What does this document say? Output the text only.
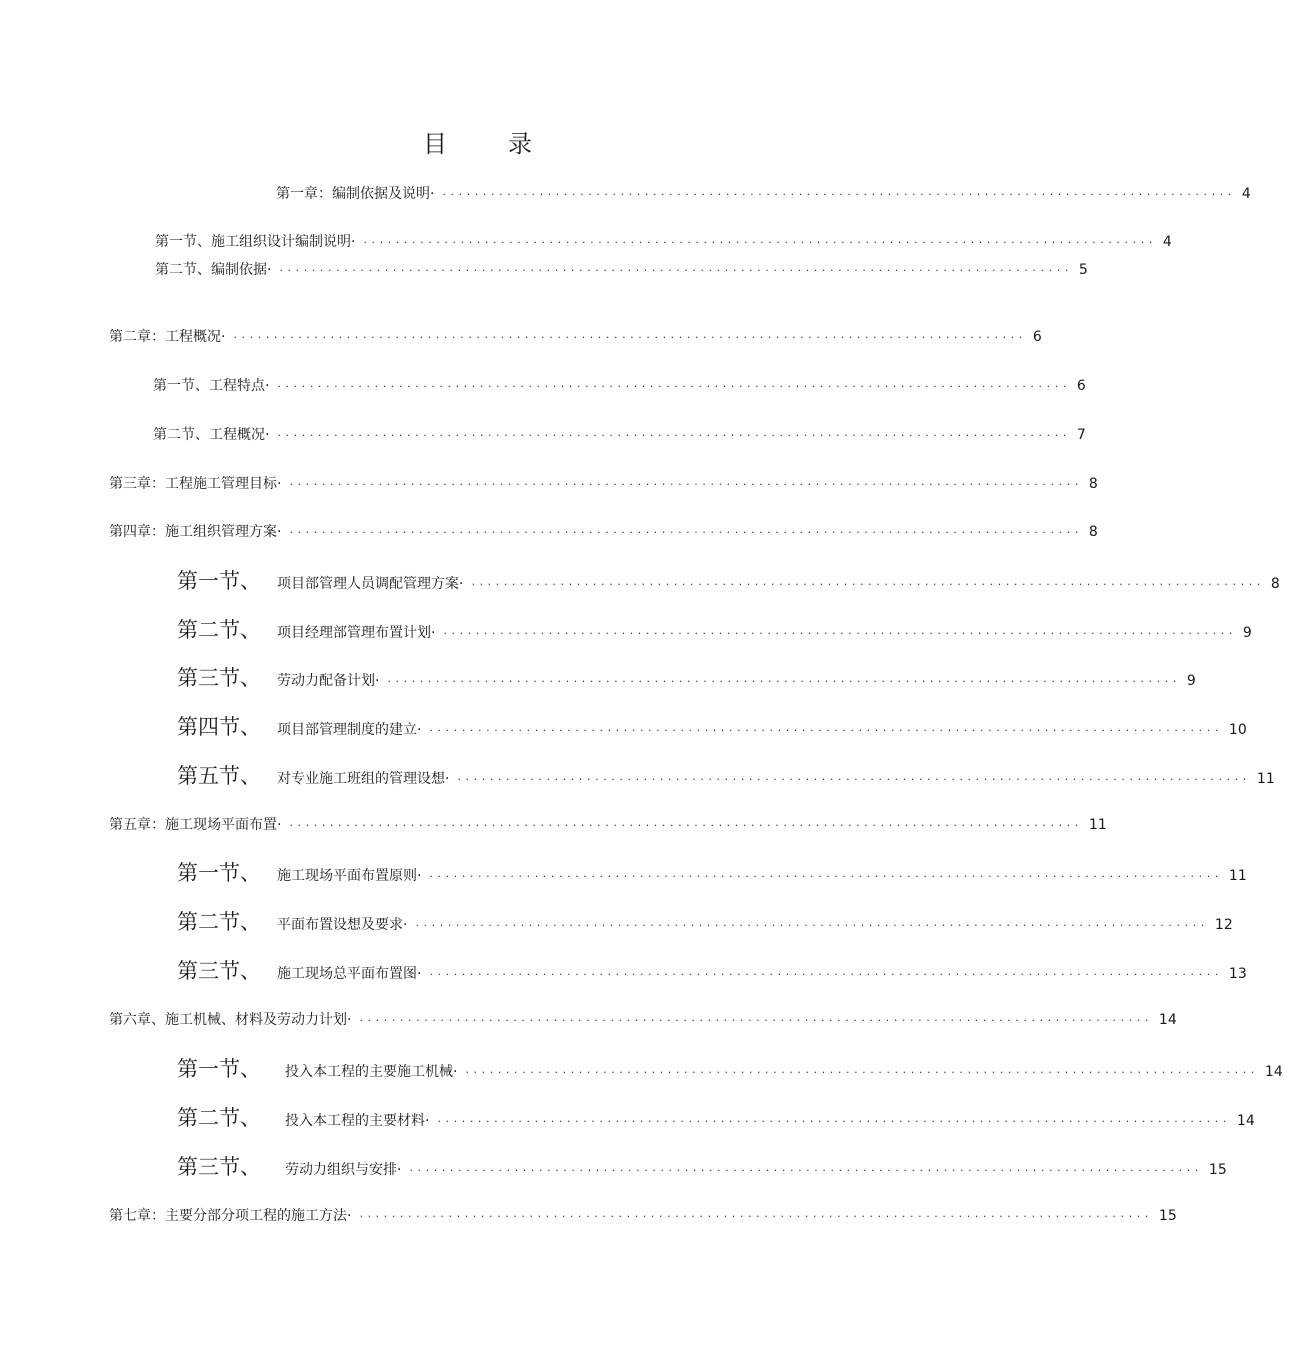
目	录
第一章：编制依据及说明· ·································································································· 4
第一节、施工组织设计编制说明· ·································································································· 4
第二节、编制依据· ·································································································· 5
第二章：工程概况· ·································································································· 6
第一节、工程特点· ·································································································· 6
第二节、工程概况· ·································································································· 7
第三章：工程施工管理目标· ·································································································· 8
第四章：施工组织管理方案· ·································································································· 8
第一节、 项目部管理人员调配管理方案· ·································································································· 8
第二节、 项目经理部管理布置计划· ·································································································· 9
第三节、 劳动力配备计划· ·································································································· 9
第四节、 项目部管理制度的建立· ·································································································· 10
第五节、 对专业施工班组的管理设想· ·································································································· 11
第五章：施工现场平面布置· ·································································································· 11
第一节、 施工现场平面布置原则· ·································································································· 11
第二节、 平面布置设想及要求· ·································································································· 12
第三节、 施工现场总平面布置图· ·································································································· 13
第六章、施工机械、材料及劳动力计划· ·································································································· 14
第一节、 投入本工程的主要施工机械· ·································································································· 14
第二节、 投入本工程的主要材料· ·································································································· 14
第三节、 劳动力组织与安排· ·································································································· 15
第七章：主要分部分项工程的施工方法· ·································································································· 15
